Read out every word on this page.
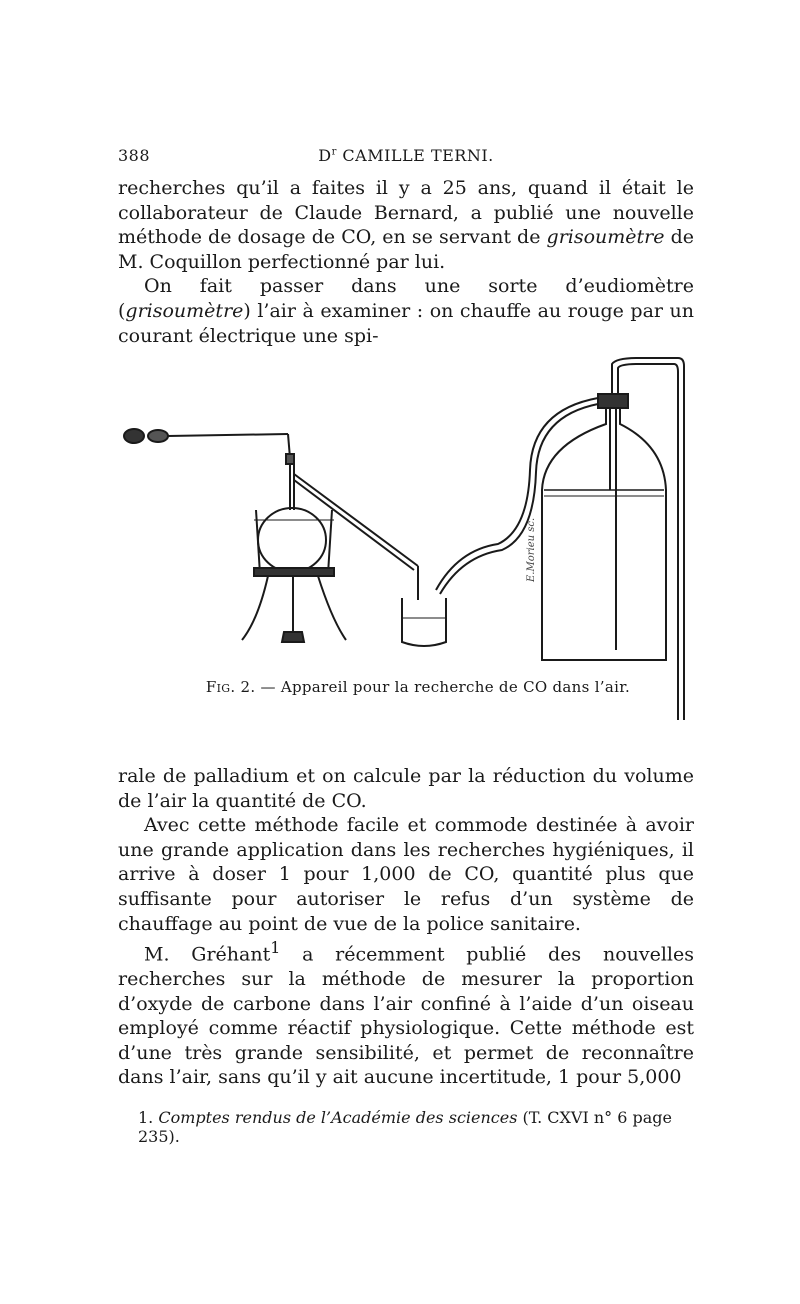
388	$D^r$ CAMILLE TERNI.

recherches qu’il a faites il y a 25 ans, quand il était le collaborateur de Claude Bernard, a publié une nouvelle méthode de dosage de CO, en se servant de grisoumètre de M. Coquillon perfectionné par lui.

On fait passer dans une sorte d’eudiomètre (grisoumètre) l’air à examiner : on chauffe au rouge par un courant électrique une spi-

E.Morieu sc.
Fig. 2. — Appareil pour la recherche de CO dans l’air.

rale de palladium et on calcule par la réduction du volume de l’air la quantité de CO.

Avec cette méthode facile et commode destinée à avoir une grande application dans les recherches hygiéniques, il arrive à doser 1 pour 1,000 de CO, quantité plus que suffisante pour autoriser le refus d’un système de chauffage au point de vue de la police sanitaire.

M. Gréhant$^1$ a récemment publié des nouvelles recherches sur la méthode de mesurer la proportion d’oxyde de carbone dans l’air confiné à l’aide d’un oiseau employé comme réactif physiologique. Cette méthode est d’une très grande sensibilité, et permet de reconnaître dans l’air, sans qu’il y ait aucune incertitude, 1 pour 5,000

1. Comptes rendus de l’Académie des sciences (T. CXVI n° 6 page 235).
